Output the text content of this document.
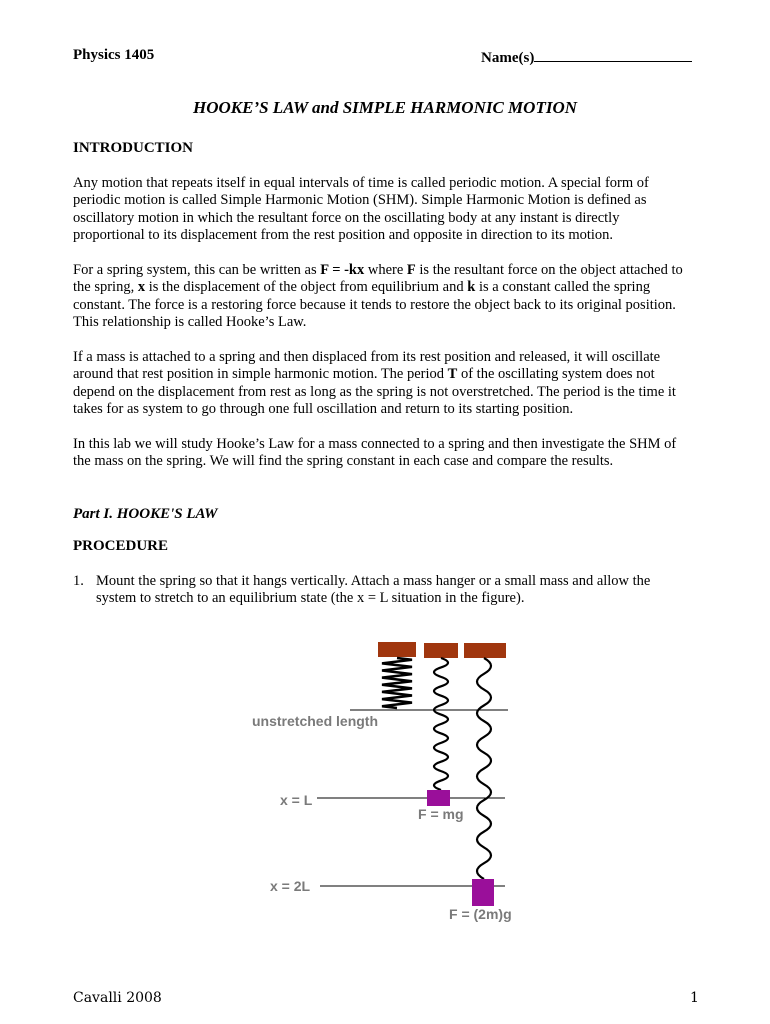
Physics 1405	Name(s)
HOOKE’S LAW and SIMPLE HARMONIC MOTION
INTRODUCTION

Any motion that repeats itself in equal intervals of time is called periodic motion. A special form of periodic motion is called Simple Harmonic Motion (SHM). Simple Harmonic Motion is defined as oscillatory motion in which the resultant force on the oscillating body at any instant is directly proportional to its displacement from the rest position and opposite in direction to its motion.

For a spring system, this can be written as F = -kx where F is the resultant force on the object attached to the spring, x is the displacement of the object from equilibrium and k is a constant called the spring constant. The force is a restoring force because it tends to restore the object back to its original position. This relationship is called Hooke’s Law.

If a mass is attached to a spring and then displaced from its rest position and released, it will oscillate around that rest position in simple harmonic motion. The period T of the oscillating system does not depend on the displacement from rest as long as the spring is not overstretched. The period is the time it takes for as system to go through one full oscillation and return to its starting position.

In this lab we will study Hooke’s Law for a mass connected to a spring and then investigate the SHM of the mass on the spring. We will find the spring constant in each case and compare the results.

Part I. HOOKE'S LAW
PROCEDURE
1. Mount the spring so that it hangs vertically. Attach a mass hanger or a small mass and allow the system to stretch to an equilibrium state (the x = L situation in the figure).
unstretched length
x = L
F = mg
x = 2L
F = (2m)g
Cavalli 2008	1
